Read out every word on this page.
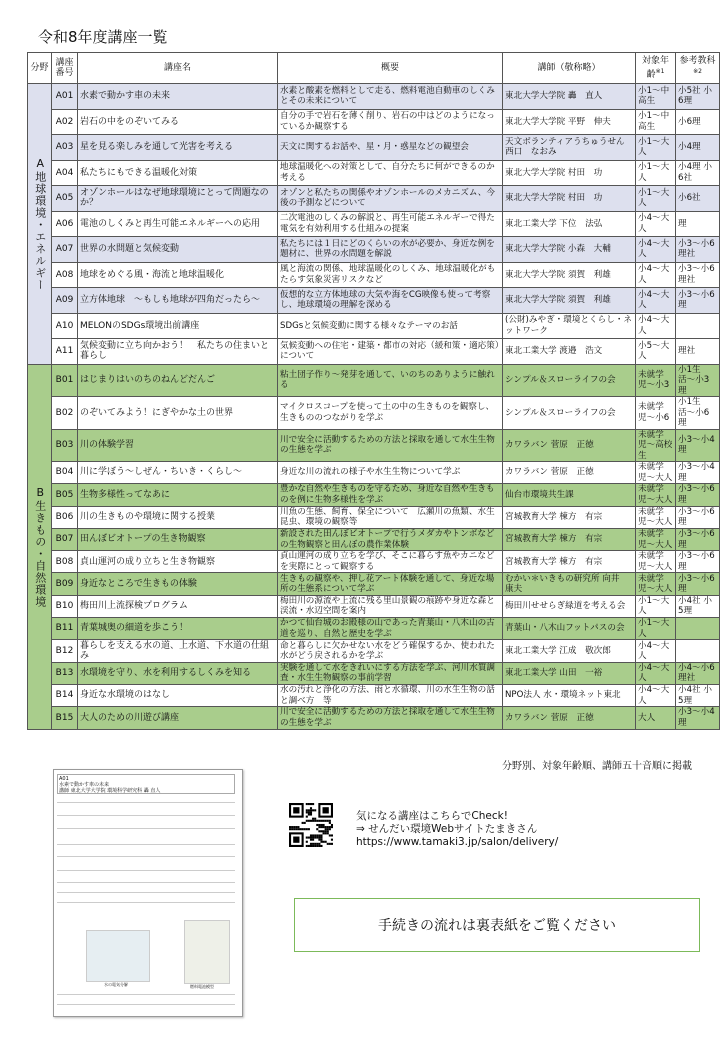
令和8年度講座一覧
分野	講座番号	講座名	概要	講師（敬称略）	対象年齢$^{※1}$	参考教科$^{※2}$
A地球環境・エネルギー	A01	水素で動かす車の未来	水素と酸素を燃料として走る、燃料電池自動車のしくみとその未来について	東北大学大学院 轟　直人	小1〜中高生	小5社 小6理
	A02	岩石の中をのぞいてみる	自分の手で岩石を薄く削り、岩石の中はどのようになっているか観察する	東北大学大学院 平野　伸夫	小1〜中高生	小6理
	A03	星を見る楽しみを通して光害を考える	天文に関するお話や、星・月・惑星などの観望会	天文ボランティアうちゅうせん 西口　なおみ	小1〜大人	小4理
	A04	私たちにもできる温暖化対策	地球温暖化への対策として、自分たちに何ができるのか考える	東北大学大学院 村田　功	小1〜大人	小4理 小6社
	A05	オゾンホールはなぜ地球環境にとって問題なのか？	オゾンと私たちの関係やオゾンホールのメカニズム、今後の予測などについて	東北大学大学院 村田　功	小1〜大人	小6社
	A06	電池のしくみと再生可能エネルギーへの応用	二次電池のしくみの解説と、再生可能エネルギーで得た電気を有効利用する仕組みの提案	東北工業大学 下位　法弘	小4〜大人	理
	A07	世界の水問題と気候変動	私たちには１日にどのくらいの水が必要か、身近な例を題材に、世界の水問題を解説	東北大学大学院 小森　大輔	小4〜大人	小3〜小6理社
	A08	地球をめぐる風・海流と地球温暖化	風と海流の関係、地球温暖化のしくみ、地球温暖化がもたらす気象災害リスクなど	東北大学大学院 須賀　利雄	小4〜大人	小3〜小6理社
	A09	立方体地球　〜もしも地球が四角だったら〜	仮想的な立方体地球の大気や海をCG映像も使って考察し、地球環境の理解を深める	東北大学大学院 須賀　利雄	小4〜大人	小3〜小6理
	A10	MELONのSDGs環境出前講座	SDGsと気候変動に関する様々なテーマのお話	(公財)みやぎ・環境とくらし・ネットワーク	小4〜大人	
	A11	気候変動に立ち向かおう！　私たちの住まいと暮らし	気候変動への住宅・建築・都市の対応（緩和策・適応策）について	東北工業大学 渡邉　浩文	小5〜大人	理社
B生きもの・自然環境	B01	はじまりはいのちのねんどだんご	粘土団子作り〜発芽を通して、いのちのありように触れる	シンプル＆スローライフの会	未就学児〜小3	小1生活〜小3理
	B02	のぞいてみよう！にぎやかな土の世界	マイクロスコープを使って土の中の生きものを観察し、生きもののつながりを学ぶ	シンプル＆スローライフの会	未就学児〜小6	小1生活〜小6理
	B03	川の体験学習	川で安全に活動するための方法と採取を通して水生生物の生態を学ぶ	カワラバン 菅原　正徳	未就学児〜高校生	小3〜小4理
	B04	川に学ぼう〜しぜん・ちいき・くらし〜	身近な川の流れの様子や水生生物について学ぶ	カワラバン 菅原　正徳	未就学児〜大人	小3〜小4理
	B05	生物多様性ってなあに	豊かな自然や生きものを守るため、身近な自然や生きものを例に生物多様性を学ぶ	仙台市環境共生課	未就学児〜大人	小3〜小6理
	B06	川の生きものや環境に関する授業	川魚の生態、飼育、保全について　広瀬川の魚類、水生昆虫、環境の観察等	宮城教育大学 棟方　有宗	未就学児〜大人	小3〜小6理
	B07	田んぼビオトープの生き物観察	新設された田んぼビオトープで行うメダカやトンボなどの生物観察と田んぼの農作業体験	宮城教育大学 棟方　有宗	未就学児〜大人	小3〜小6理
	B08	貞山運河の成り立ちと生き物観察	貞山運河の成り立ちを学び、そこに暮らす魚やカニなどを実際にとって観察する	宮城教育大学 棟方　有宗	未就学児〜大人	小3〜小6理
	B09	身近なところで生きもの体験	生きもの観察や、押し花アート体験を通して、身近な場所の生態系について学ぶ	むかい＊いきもの研究所 向井　康夫	未就学児〜大人	小3〜小6理
	B10	梅田川上流探検プログラム	梅田川の源流や上流に残る里山景観の痕跡や身近な森と渓流・水辺空間を案内	梅田川せせらぎ緑道を考える会	小1〜大人	小4社 小5理
	B11	青葉城奥の細道を歩こう！	かつて仙台城のお殿様の山であった青葉山・八木山の古道を巡り、自然と歴史を学ぶ	青葉山・八木山フットパスの会	小1〜大人	
	B12	暮らしを支える水の道、上水道、下水道の仕組み	命と暮らしに欠かせない水をどう確保するか、使われた水がどう戻されるかを学ぶ	東北工業大学 江成　敬次郎	小4〜大人	
	B13	水環境を守り、水を利用するしくみを知る	実験を通して水をきれいにする方法を学ぶ、河川水質調査・水生生物観察の事前学習	東北工業大学 山田　一裕	小4〜大人	小4〜小6理社
	B14	身近な水環境のはなし	水の汚れと浄化の方法、雨と水循環、川の水生生物の話と調べ方　等	NPO法人 水・環境ネット東北	小4〜大人	小4社 小5理
	B15	大人のための川遊び講座	川で安全に活動するための方法と採取を通して水生生物の生態を学ぶ	カワラバン 菅原　正徳	大人	小3〜小4理
A01
水素で動かす車の未来
講師 東北大学大学院 環境科学研究科 轟 直人
水の電気分解	燃料電池模型
分野別、対象年齢順、講師五十音順に掲載
気になる講座はこちらでCheck!
⇒ せんだい環境Webサイトたまきさん
https://www.tamaki3.jp/salon/delivery/
手続きの流れは裏表紙をご覧ください
